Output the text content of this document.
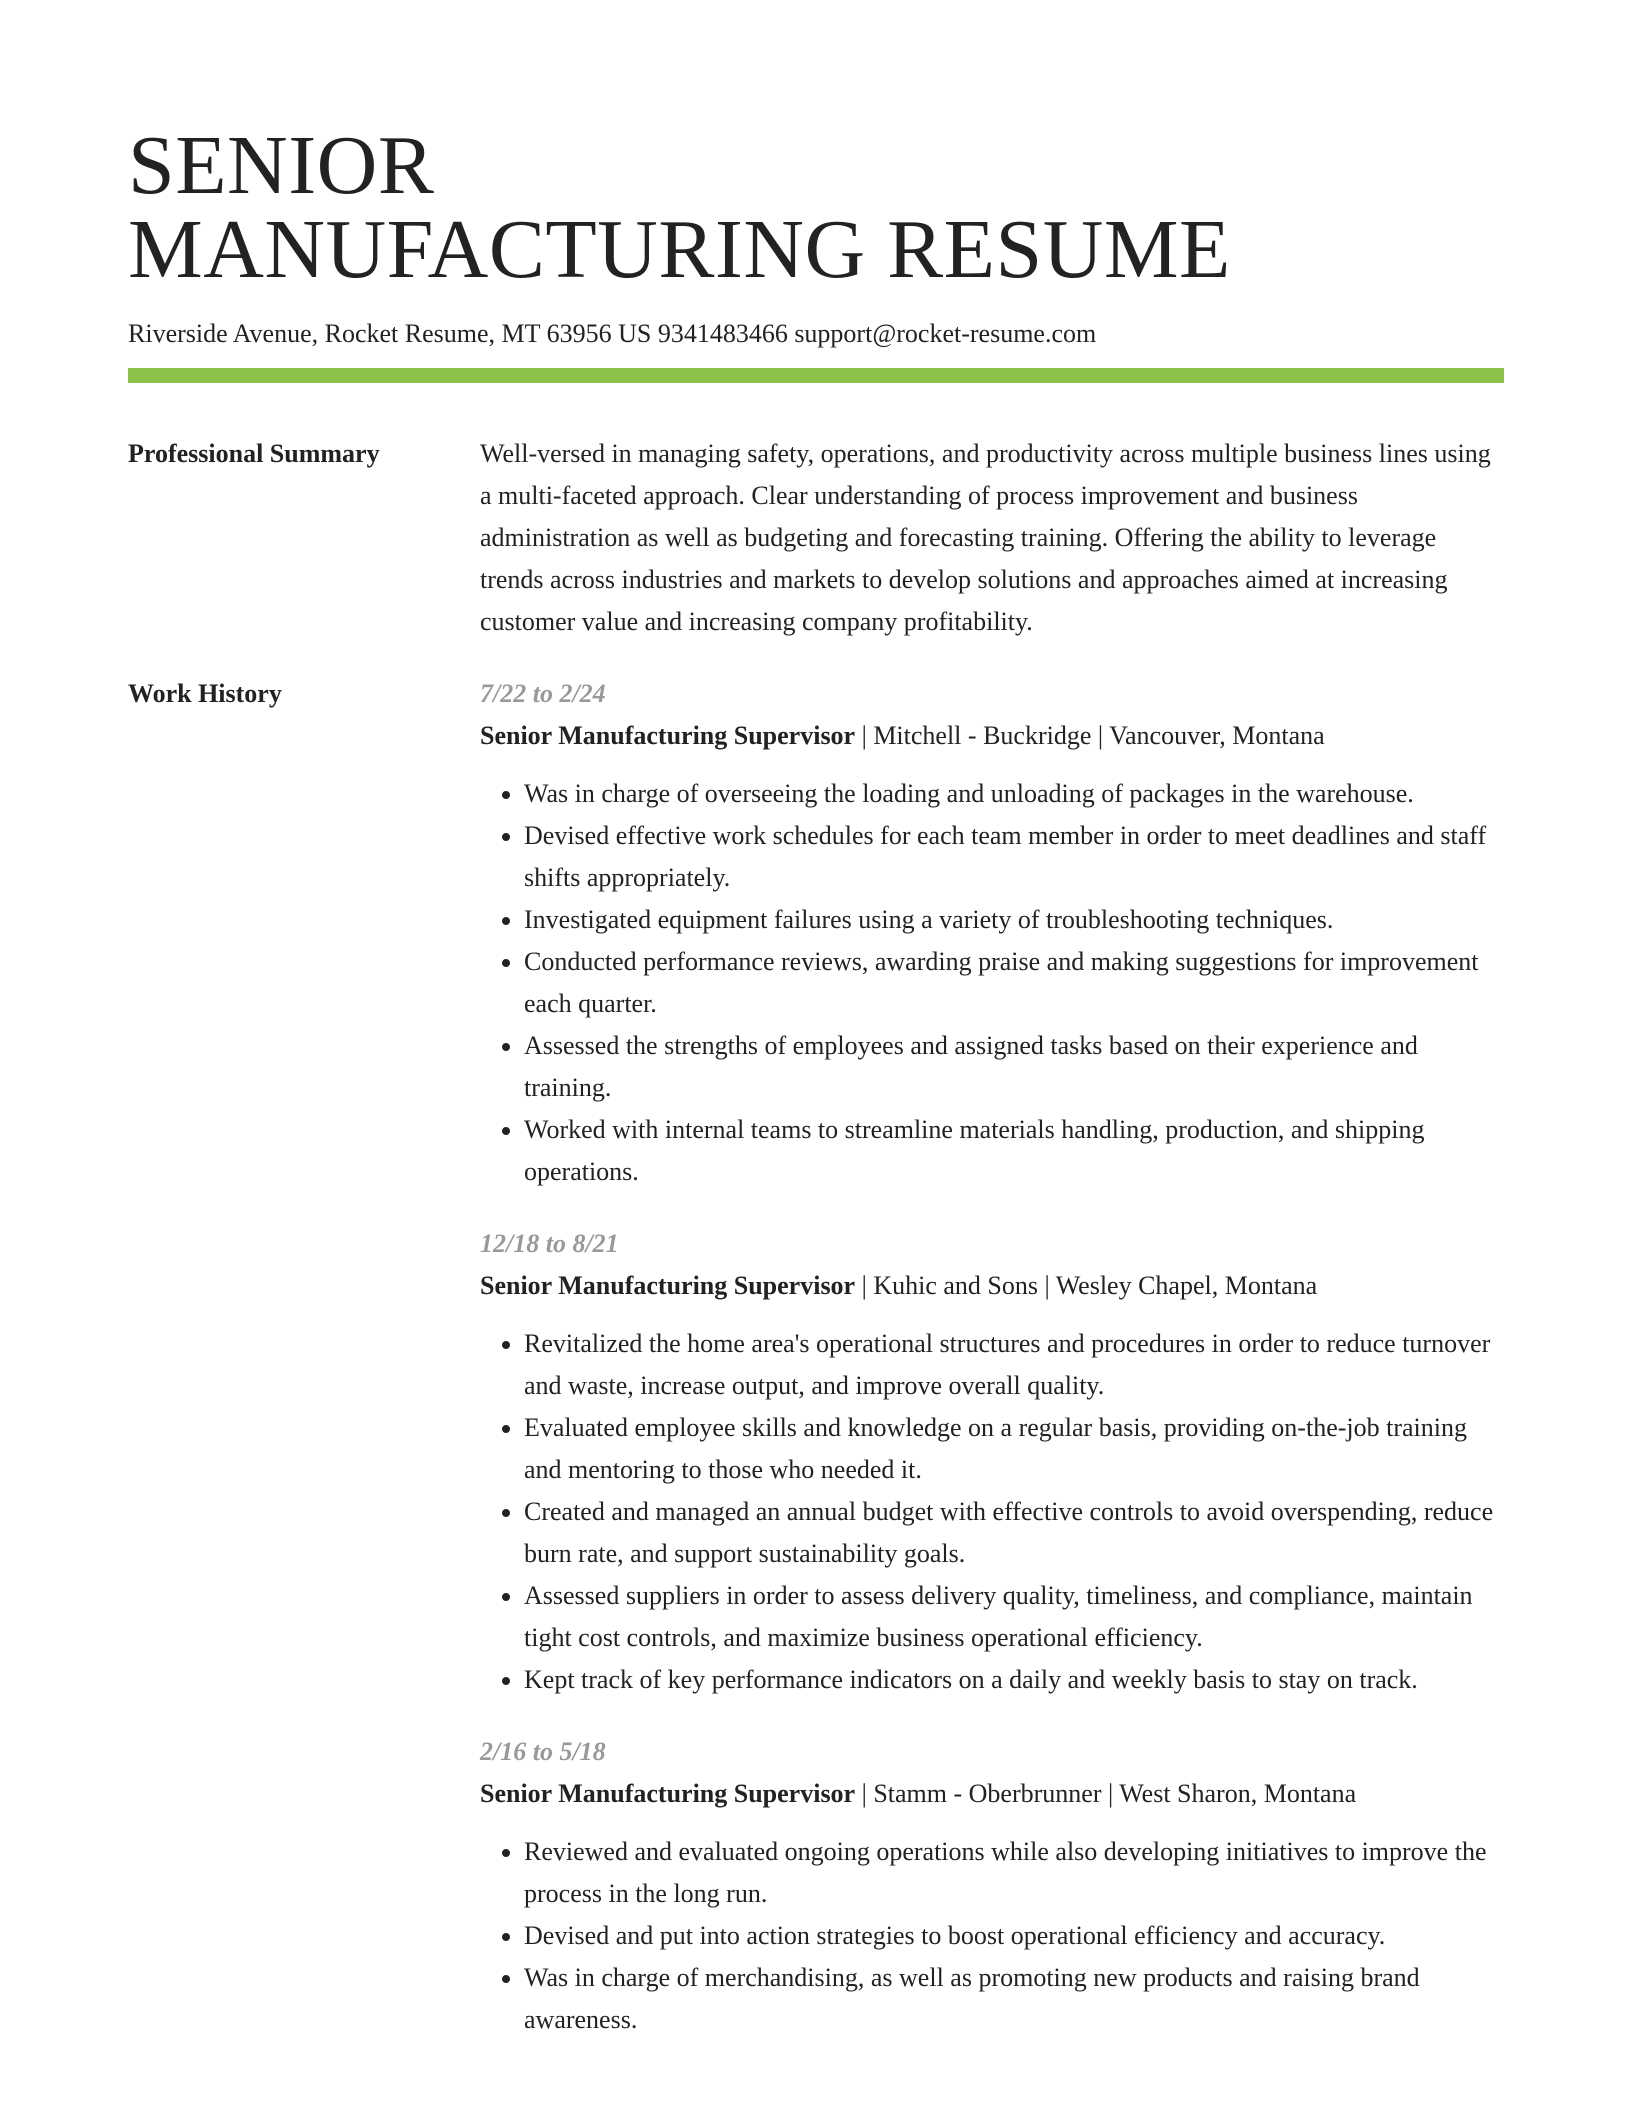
SENIOR
MANUFACTURING RESUME
Riverside Avenue, Rocket Resume, MT 63956 US 9341483466 support@rocket-resume.com
Professional Summary	Well-versed in managing safety, operations, and productivity across multiple business lines using a multi-faceted approach. Clear understanding of process improvement and business administration as well as budgeting and forecasting training. Offering the ability to leverage trends across industries and markets to develop solutions and approaches aimed at increasing customer value and increasing company profitability.

Work History	7/22 to 2/24
Senior Manufacturing Supervisor | Mitchell - Buckridge | Vancouver, Montana
• Was in charge of overseeing the loading and unloading of packages in the warehouse.
• Devised effective work schedules for each team member in order to meet deadlines and staff shifts appropriately.
• Investigated equipment failures using a variety of troubleshooting techniques.
• Conducted performance reviews, awarding praise and making suggestions for improvement each quarter.
• Assessed the strengths of employees and assigned tasks based on their experience and training.
• Worked with internal teams to streamline materials handling, production, and shipping operations.
12/18 to 8/21
Senior Manufacturing Supervisor | Kuhic and Sons | Wesley Chapel, Montana
• Revitalized the home area's operational structures and procedures in order to reduce turnover and waste, increase output, and improve overall quality.
• Evaluated employee skills and knowledge on a regular basis, providing on-the-job training and mentoring to those who needed it.
• Created and managed an annual budget with effective controls to avoid overspending, reduce burn rate, and support sustainability goals.
• Assessed suppliers in order to assess delivery quality, timeliness, and compliance, maintain tight cost controls, and maximize business operational efficiency.
• Kept track of key performance indicators on a daily and weekly basis to stay on track.
2/16 to 5/18
Senior Manufacturing Supervisor | Stamm - Oberbrunner | West Sharon, Montana
• Reviewed and evaluated ongoing operations while also developing initiatives to improve the process in the long run.
• Devised and put into action strategies to boost operational efficiency and accuracy.
• Was in charge of merchandising, as well as promoting new products and raising brand awareness.
